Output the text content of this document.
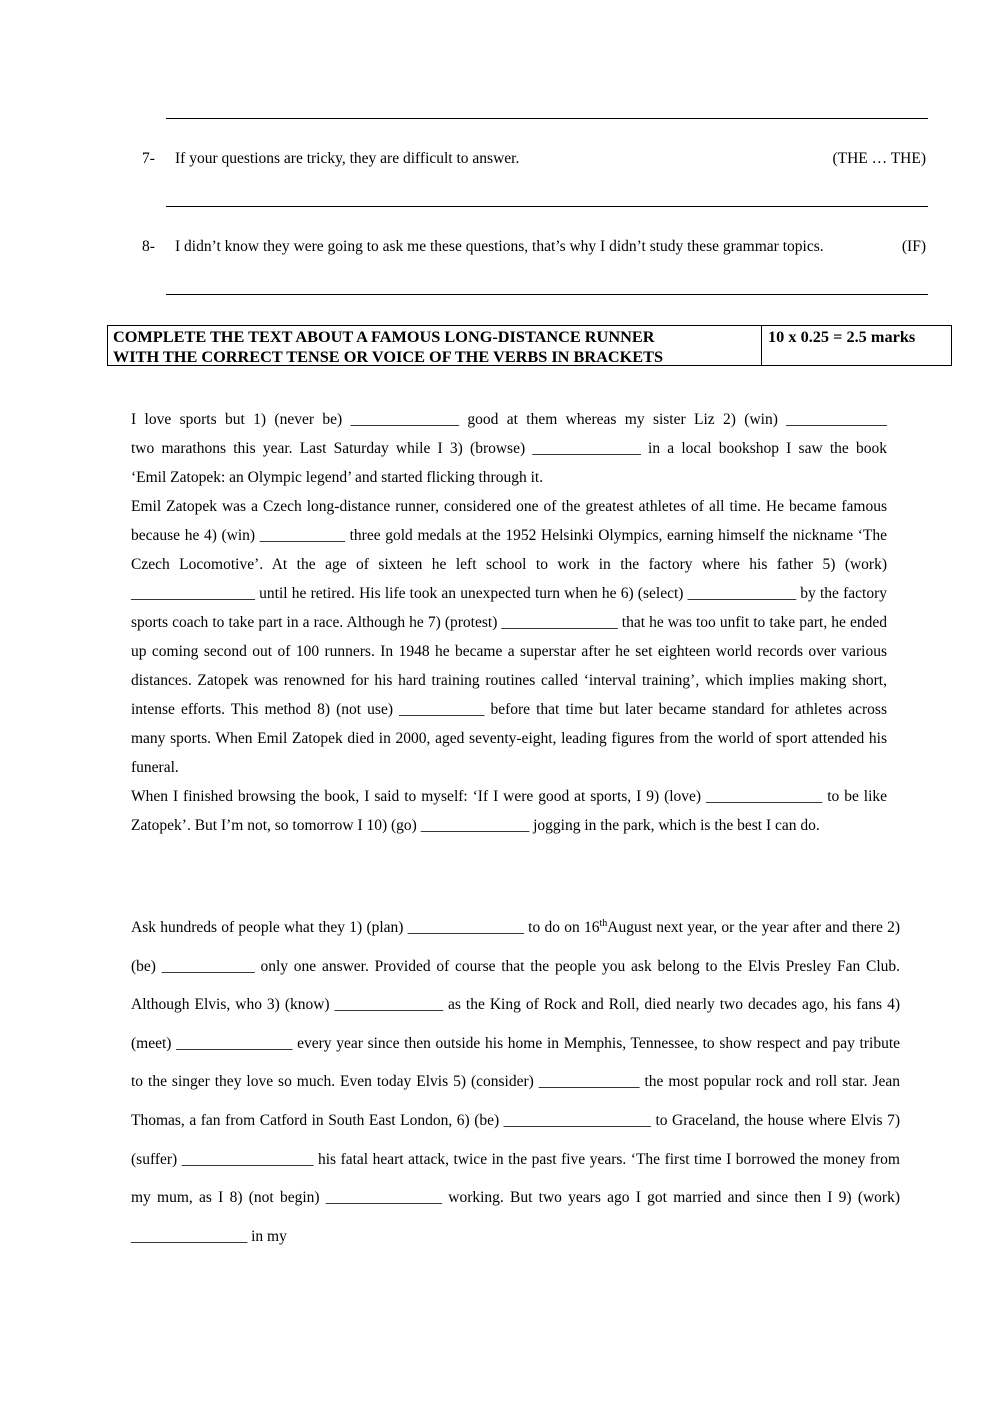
7- If your questions are tricky, they are difficult to answer.	(THE … THE)
8- I didn’t know they were going to ask me these questions, that’s why I didn’t study these grammar topics.	(IF)
COMPLETE THE TEXT ABOUT A FAMOUS LONG-DISTANCE RUNNER
WITH THE CORRECT TENSE OR VOICE OF THE VERBS IN BRACKETS
10 x 0.25 = 2.5 marks
I love sports but 1) (never be) ______________ good at them whereas my sister Liz 2) (win) _____________
two marathons this year. Last Saturday while I 3) (browse) ______________ in a local bookshop I saw the book
‘Emil Zatopek: an Olympic legend’ and started flicking through it.
Emil Zatopek was a Czech long-distance runner, considered one of the greatest athletes of all time. He became famous because he 4) (win) ___________ three gold medals at the 1952 Helsinki Olympics, earning himself the nickname ‘The Czech Locomotive’. At the age of sixteen he left school to work in the factory where his father 5) (work) ________________ until he retired. His life took an unexpected turn when he 6) (select) ______________ by the factory sports coach to take part in a race. Although he 7) (protest) _______________ that he was too unfit to take part, he ended up coming second out of 100 runners. In 1948 he became a superstar after he set eighteen world records over various distances. Zatopek was renowned for his hard training routines called ‘interval training’, which implies making short, intense efforts. This method 8) (not use) ___________ before that time but later became standard for athletes across many sports. When Emil Zatopek died in 2000, aged seventy-eight, leading figures from the world of sport attended his funeral.
When I finished browsing the book, I said to myself: ‘If I were good at sports, I 9) (love) _______________ to be like Zatopek’. But I’m not, so tomorrow I 10) (go) ______________ jogging in the park, which is the best I can do.
Ask hundreds of people what they 1) (plan) _______________ to do on 16thAugust next year, or the year after and there 2) (be) ____________ only one answer. Provided of course that the people you ask belong to the Elvis Presley Fan Club. Although Elvis, who 3) (know) ______________ as the King of Rock and Roll, died nearly two decades ago, his fans 4) (meet) _______________ every year since then outside his home in Memphis, Tennessee, to show respect and pay tribute to the singer they love so much. Even today Elvis 5) (consider) _____________ the most popular rock and roll star. Jean Thomas, a fan from Catford in South East London, 6) (be) ___________________ to Graceland, the house where Elvis 7) (suffer) _________________ his fatal heart attack, twice in the past five years. ‘The first time I borrowed the money from my mum, as I 8) (not begin) _______________ working. But two years ago I got married and since then I 9) (work) _______________ in my
